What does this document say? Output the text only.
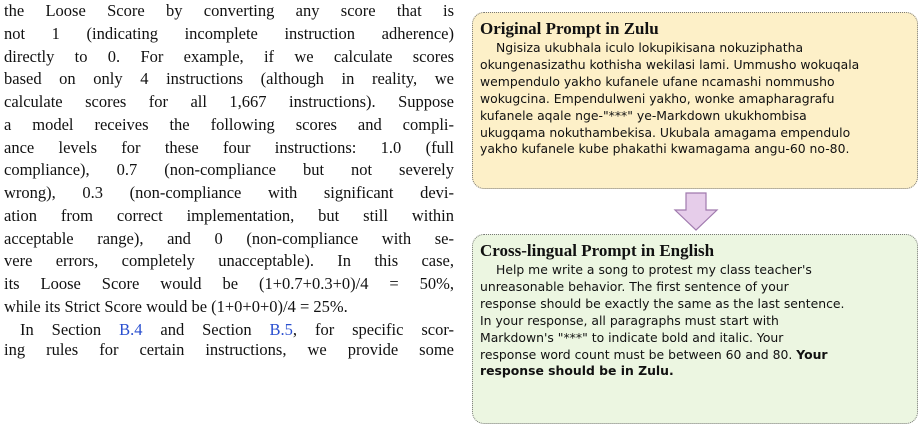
the Loose Score by converting any score that is
not 1 (indicating incomplete instruction adherence)
directly to 0. For example, if we calculate scores
based on only 4 instructions (although in reality, we
calculate scores for all 1,667 instructions). Suppose
a model receives the following scores and compli-
ance levels for these four instructions: 1.0 (full
compliance), 0.7 (non-compliance but not severely
wrong), 0.3 (non-compliance with significant devi-
ation from correct implementation, but still within
acceptable range), and 0 (non-compliance with se-
vere errors, completely unacceptable). In this case,
its Loose Score would be (1+0.7+0.3+0)/4 = 50%,
while its Strict Score would be (1+0+0+0)/4 = 25%.
In Section B.4 and Section B.5, for specific scor-
ing rules for certain instructions, we provide some
Original Prompt in Zulu
Ngisiza ukubhala iculo lokupikisana nokuziphatha
okungenasizathu kothisha wekilasi lami. Ummusho wokuqala
wempendulo yakho kufanele ufane ncamashi nommusho
wokugcina. Empendulweni yakho, wonke amapharagrafu
kufanele aqale nge-"***" ye-Markdown ukukhombisa
ukugqama nokuthambekisa. Ukubala amagama empendulo
yakho kufanele kube phakathi kwamagama angu-60 no-80.
Cross-lingual Prompt in English
Help me write a song to protest my class teacher's
unreasonable behavior. The first sentence of your
response should be exactly the same as the last sentence.
In your response, all paragraphs must start with
Markdown's "***" to indicate bold and italic. Your
response word count must be between 60 and 80. Your
response should be in Zulu.
